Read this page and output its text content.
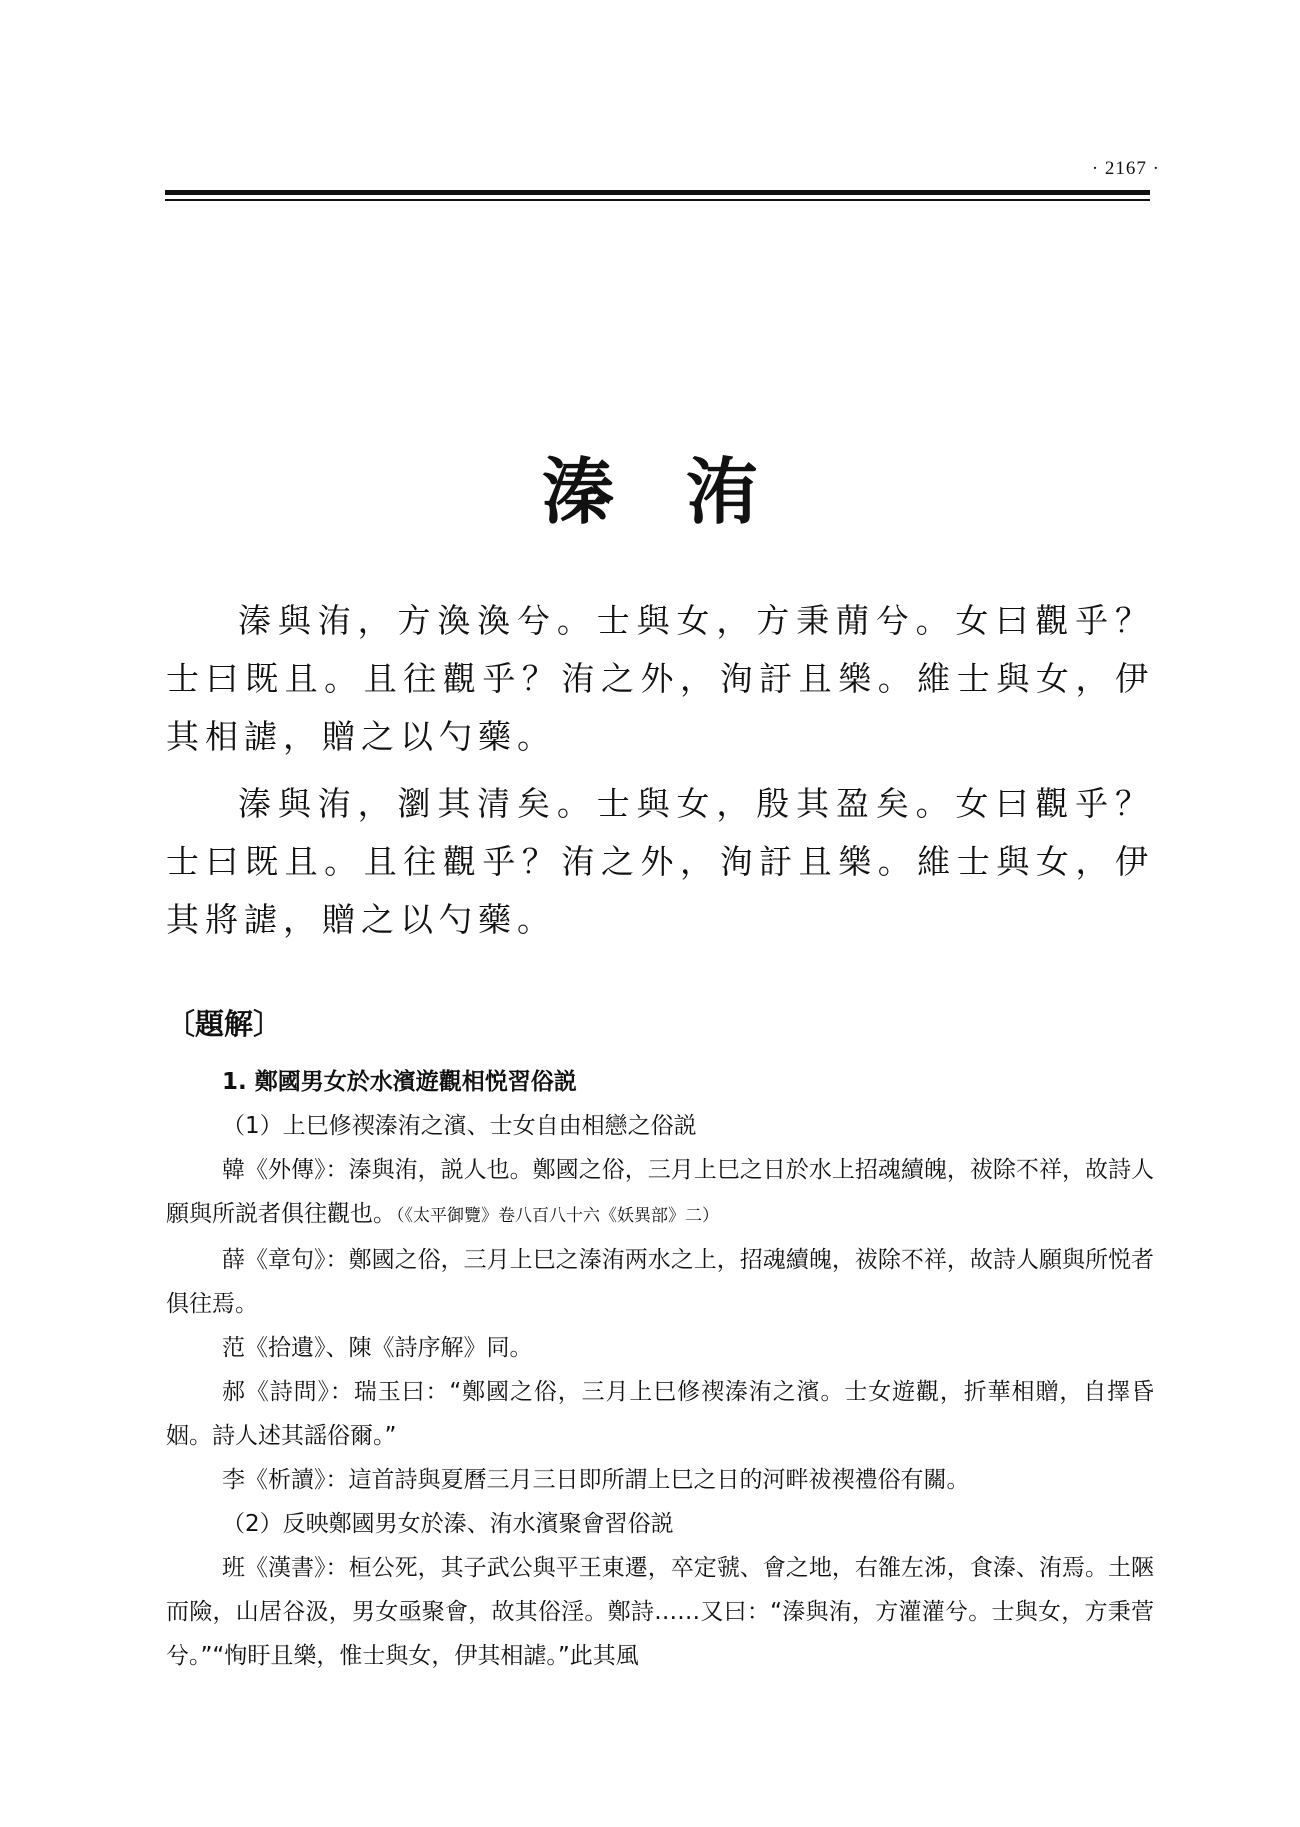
· 2167 ·
溱洧

溱與洧，方渙渙兮。士與女，方秉蕑兮。女曰觀乎？士曰既且。且往觀乎？洧之外，洵訏且樂。維士與女，伊其相謔，贈之以勺藥。

溱與洧，瀏其清矣。士與女，殷其盈矣。女曰觀乎？士曰既且。且往觀乎？洧之外，洵訏且樂。維士與女，伊其將謔，贈之以勺藥。

〔題解〕

1. 鄭國男女於水濱遊觀相悦習俗説

（1）上巳修禊溱洧之濱、士女自由相戀之俗説

韓《外傳》：溱與洧，説人也。鄭國之俗，三月上巳之日於水上招魂續魄，祓除不祥，故詩人願與所説者俱往觀也。（《太平御覽》卷八百八十六《妖異部》二）

薛《章句》：鄭國之俗，三月上巳之溱洧两水之上，招魂續魄，祓除不祥，故詩人願與所悦者俱往焉。

范《拾遺》、陳《詩序解》同。

郝《詩問》：瑞玉曰：“鄭國之俗，三月上巳修禊溱洧之濱。士女遊觀，折華相贈，自擇昏姻。詩人述其謡俗爾。”

李《析讀》：這首詩與夏曆三月三日即所謂上巳之日的河畔祓禊禮俗有關。

（2）反映鄭國男女於溱、洧水濱聚會習俗説

班《漢書》：桓公死，其子武公與平王東遷，卒定虢、會之地，右雒左泲，食溱、洧焉。土陿而險，山居谷汲，男女亟聚會，故其俗淫。鄭詩……又曰：“溱與洧，方灌灌兮。士與女，方秉菅兮。”“恂盱且樂，惟士與女，伊其相謔。”此其風
